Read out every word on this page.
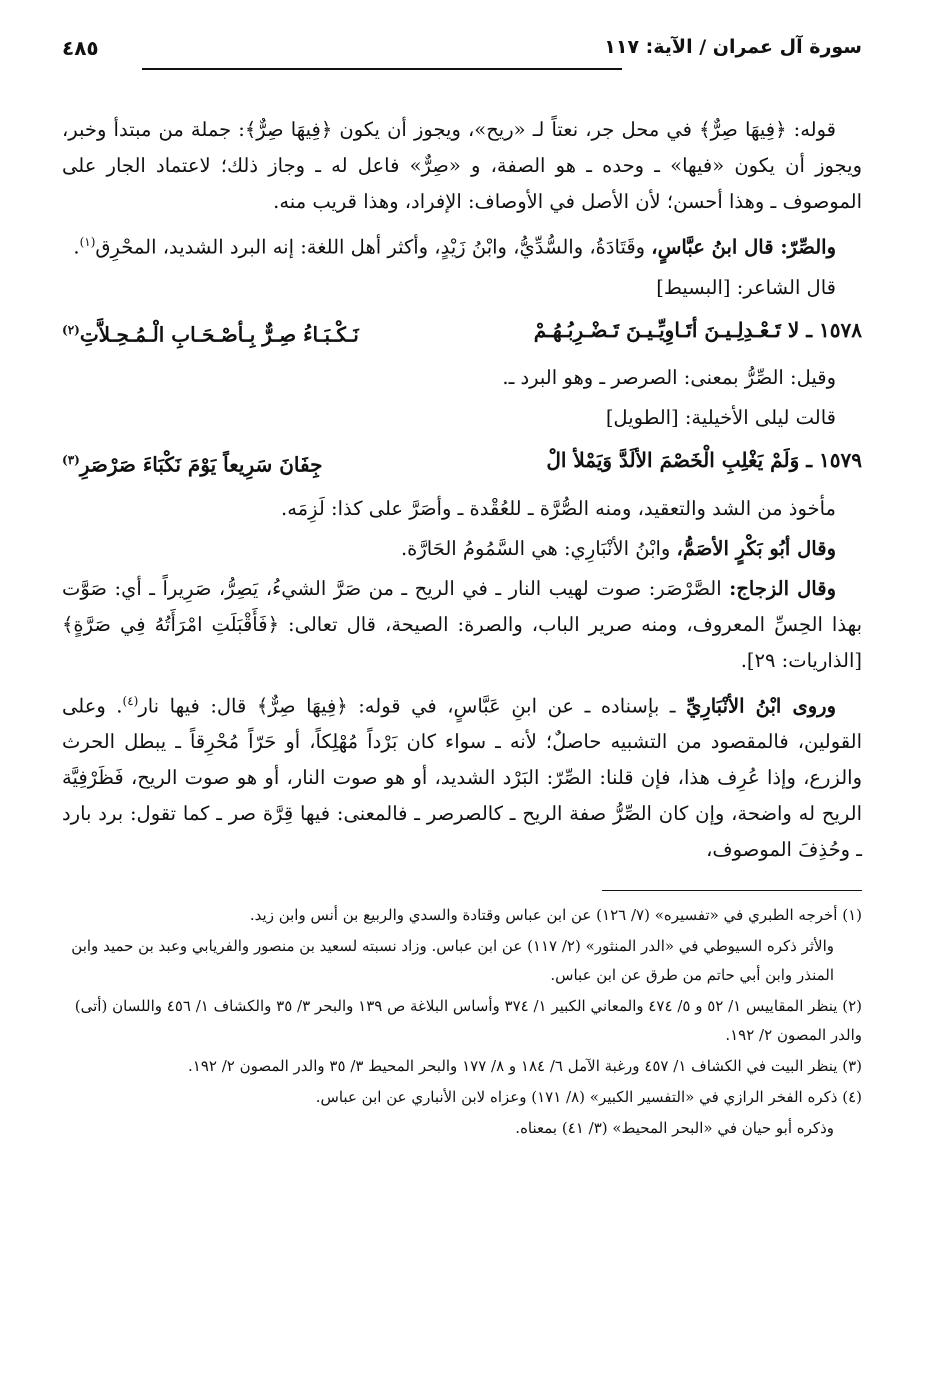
سورة آل عمران / الآية: ١١٧
٤٨٥

قوله: ﴿فِيهَا صِرٌّ﴾ في محل جر، نعتاً لـ «ريح»، ويجوز أن يكون ﴿فِيهَا صِرٌّ﴾: جملة من مبتدأ وخبر، ويجوز أن يكون «فيها» ـ وحده ـ هو الصفة، و «صِرٌّ» فاعل له ـ وجاز ذلك؛ لاعتماد الجار على الموصوف ـ وهذا أحسن؛ لأن الأصل في الأوصاف: الإفراد، وهذا قريب منه.

والصِّرّ: قال ابنُ عبَّاسٍ، وقَتَادَةُ، والسُّدِّيُّ، وابْنُ زَيْدٍ، وأكثر أهل اللغة: إنه البرد الشديد، المحْرِق$^{(١)}$.

قال الشاعر: [البسيط]

١٥٧٨ ـ لا تَـعْـدِلِـيـنَ أتَـاوِيِّـيـنَ تَـضْـرِبُـهُـمْ
نَـكْـبَـاءُ صِـرٌّ بِـأصْـحَـابِ الْـمُـحِـلاَّتِ$^{(٢)}$

وقيل: الصِّرُّ بمعنى: الصرصر ـ وهو البرد ـ.

قالت ليلى الأخيلية: [الطويل]

١٥٧٩ ـ وَلَمْ يَغْلِبِ الْخَصْمَ الألَدَّ وَيَمْلأ الْ
جِفَانَ سَرِيعاً يَوْمَ نَكْبَاءَ صَرْصَرِ$^{(٣)}$

مأخوذ من الشد والتعقيد، ومنه الصُّرَّة ـ للعُقْدة ـ وأصَرَّ على كذا: لَزِمَه.

وقال أبُو بَكْرٍ الأصَمُّ، وابْنُ الأنْبَارِي: هي السَّمُومُ الحَارَّة.

وقال الزجاج: الصَّرْصَر: صوت لهيب النار ـ في الريح ـ من صَرَّ الشيءُ، يَصِرُّ، صَرِيراً ـ أي: صَوَّت بهذا الحِسِّ المعروف، ومنه صرير الباب، والصرة: الصيحة، قال تعالى: ﴿فَأَقْبَلَتِ امْرَأَتُهُ فِي صَرَّةٍ﴾ [الذاريات: ٢٩].

وروى ابْنُ الأنْبَارِيِّ ـ بإسناده ـ عن ابنِ عَبَّاسٍ، في قوله: ﴿فِيهَا صِرٌّ﴾ قال: فيها نار$^{(٤)}$. وعلى القولين، فالمقصود من التشبيه حاصلٌ؛ لأنه ـ سواء كان بَرْداً مُهْلِكاً، أو حَرّاً مُحْرِقاً ـ يبطل الحرث والزرع، وإذا عُرِف هذا، فإن قلنا: الصِّرّ: البَرْد الشديد، أو هو صوت النار، أو هو صوت الريح، فَظَرْفِيَّة الريح له واضحة، وإن كان الصِّرُّ صفة الريح ـ كالصرصر ـ فالمعنى: فيها قِرَّة صر ـ كما تقول: برد بارد ـ وحُذِفَ الموصوف،

(١) أخرجه الطبري في «تفسيره» (٧/ ١٢٦) عن ابن عباس وقتادة والسدي والربيع بن أنس وابن زيد.

والأثر ذكره السيوطي في «الدر المنثور» (٢/ ١١٧) عن ابن عباس. وزاد نسبته لسعيد بن منصور والفريابي وعبد بن حميد وابن المنذر وابن أبي حاتم من طرق عن ابن عباس.

(٢) ينظر المقاييس ١/ ٥٢ و ٥/ ٤٧٤ والمعاني الكبير ١/ ٣٧٤ وأساس البلاغة ص ١٣٩ والبحر ٣/ ٣٥ والكشاف ١/ ٤٥٦ واللسان (أتى) والدر المصون ٢/ ١٩٢.

(٣) ينظر البيت في الكشاف ١/ ٤٥٧ ورغبة الآمل ٦/ ١٨٤ و ٨/ ١٧٧ والبحر المحيط ٣/ ٣٥ والدر المصون ٢/ ١٩٢.

(٤) ذكره الفخر الرازي في «التفسير الكبير» (٨/ ١٧١) وعزاه لابن الأنباري عن ابن عباس.

وذكره أبو حيان في «البحر المحيط» (٣/ ٤١) بمعناه.
